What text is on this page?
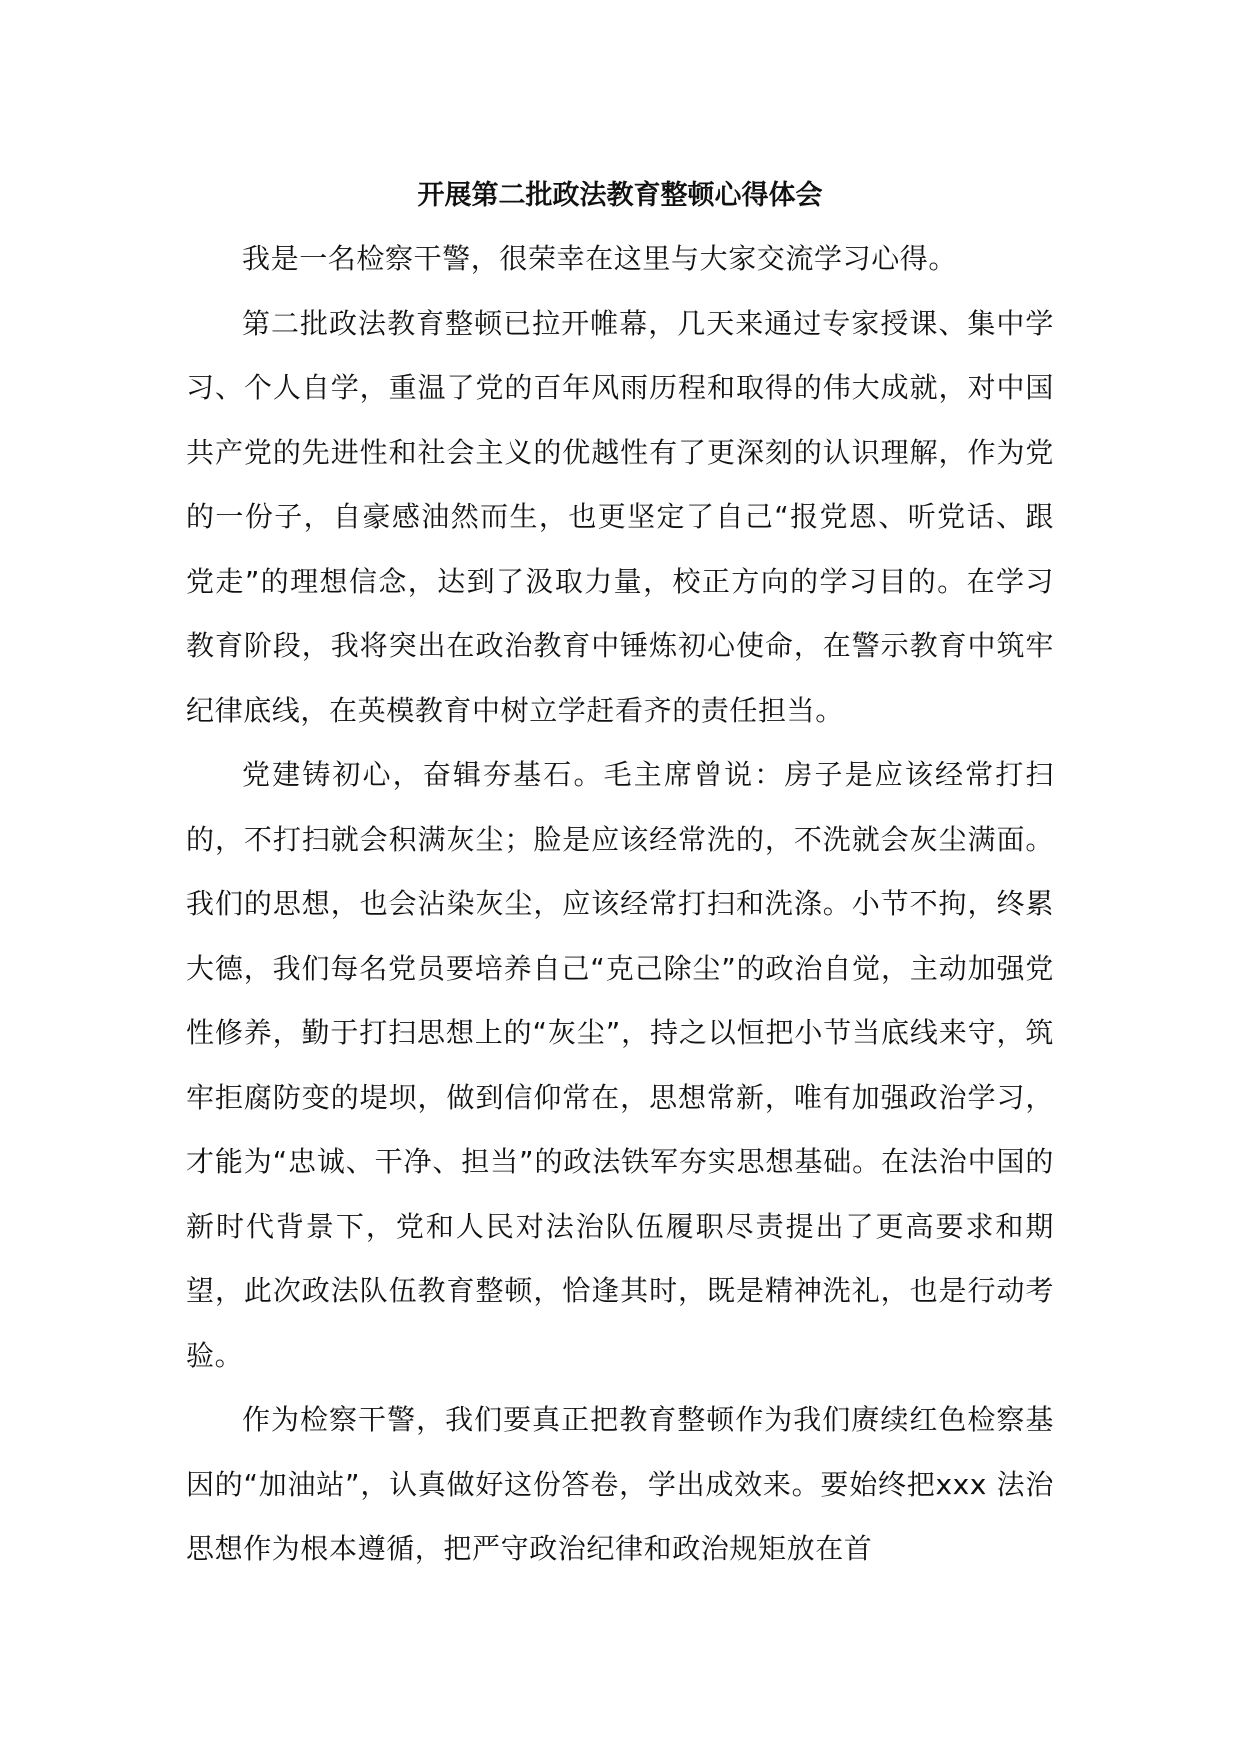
开展第二批政法教育整顿心得体会

我是一名检察干警，很荣幸在这里与大家交流学习心得。

第二批政法教育整顿已拉开帷幕，几天来通过专家授课、集中学习、个人自学，重温了党的百年风雨历程和取得的伟大成就，对中国共产党的先进性和社会主义的优越性有了更深刻的认识理解，作为党的一份子，自豪感油然而生，也更坚定了自己“报党恩、听党话、跟党走”的理想信念，达到了汲取力量，校正方向的学习目的。在学习教育阶段，我将突出在政治教育中锤炼初心使命，在警示教育中筑牢纪律底线，在英模教育中树立学赶看齐的责任担当。

党建铸初心，奋辑夯基石。毛主席曾说：房子是应该经常打扫的，不打扫就会积满灰尘；脸是应该经常洗的，不洗就会灰尘满面。我们的思想，也会沾染灰尘，应该经常打扫和洗涤。小节不拘，终累大德，我们每名党员要培养自己“克己除尘”的政治自觉，主动加强党性修养，勤于打扫思想上的“灰尘”，持之以恒把小节当底线来守，筑牢拒腐防变的堤坝，做到信仰常在，思想常新，唯有加强政治学习，才能为“忠诚、干净、担当”的政法铁军夯实思想基础。在法治中国的新时代背景下，党和人民对法治队伍履职尽责提出了更高要求和期望，此次政法队伍教育整顿，恰逢其时，既是精神洗礼，也是行动考验。

作为检察干警，我们要真正把教育整顿作为我们赓续红色检察基因的“加油站”，认真做好这份答卷，学出成效来。要始终把xxx 法治思想作为根本遵循，把严守政治纪律和政治规矩放在首
